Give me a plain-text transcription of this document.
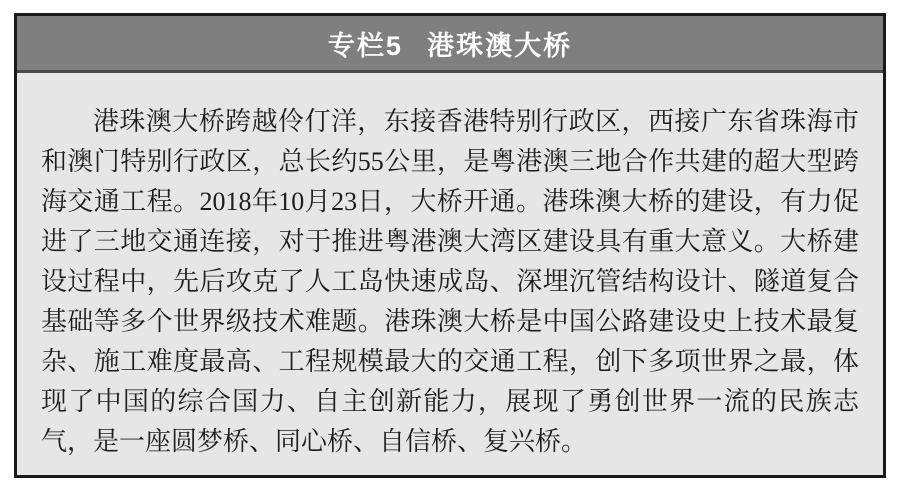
专栏5 港珠澳大桥

港珠澳大桥跨越伶仃洋，东接香港特别行政区，西接广东省珠海市和澳门特别行政区，总长约55公里，是粤港澳三地合作共建的超大型跨海交通工程。2018年10月23日，大桥开通。港珠澳大桥的建设，有力促进了三地交通连接，对于推进粤港澳大湾区建设具有重大意义。大桥建设过程中，先后攻克了人工岛快速成岛、深埋沉管结构设计、隧道复合基础等多个世界级技术难题。港珠澳大桥是中国公路建设史上技术最复杂、施工难度最高、工程规模最大的交通工程，创下多项世界之最，体现了中国的综合国力、自主创新能力，展现了勇创世界一流的民族志气，是一座圆梦桥、同心桥、自信桥、复兴桥。
